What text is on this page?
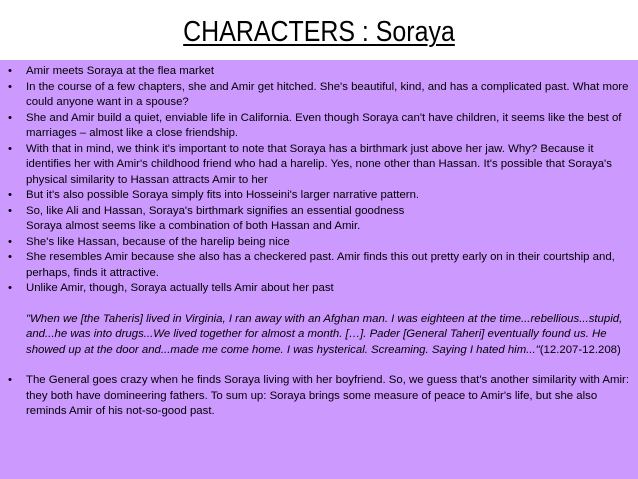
CHARACTERS : Soraya
• Amir meets Soraya at the flea market
• In the course of a few chapters, she and Amir get hitched. She's beautiful, kind, and has a complicated past. What more could anyone want in a spouse?
• She and Amir build a quiet, enviable life in California. Even though Soraya can't have children, it seems like the best of marriages – almost like a close friendship.
• With that in mind, we think it's important to note that Soraya has a birthmark just above her jaw. Why? Because it identifies her with Amir's childhood friend who had a harelip. Yes, none other than Hassan. It's possible that Soraya's physical similarity to Hassan attracts Amir to her
• But it's also possible Soraya simply fits into Hosseini's larger narrative pattern.
• So, like Ali and Hassan, Soraya's birthmark signifies an essential goodness
Soraya almost seems like a combination of both Hassan and Amir.
• She's like Hassan, because of the harelip being nice
• She resembles Amir because she also has a checkered past. Amir finds this out pretty early on in their courtship and, perhaps, finds it attractive.
• Unlike Amir, though, Soraya actually tells Amir about her past
"When we [the Taheris] lived in Virginia, I ran away with an Afghan man. I was eighteen at the time...rebellious...stupid, and...he was into drugs...We lived together for almost a month. […]. Pader [General Taheri] eventually found us. He showed up at the door and...made me come home. I was hysterical. Screaming. Saying I hated him..."(12.207-12.208)
• The General goes crazy when he finds Soraya living with her boyfriend. So, we guess that's another similarity with Amir: they both have domineering fathers. To sum up: Soraya brings some measure of peace to Amir's life, but she also reminds Amir of his not-so-good past.
